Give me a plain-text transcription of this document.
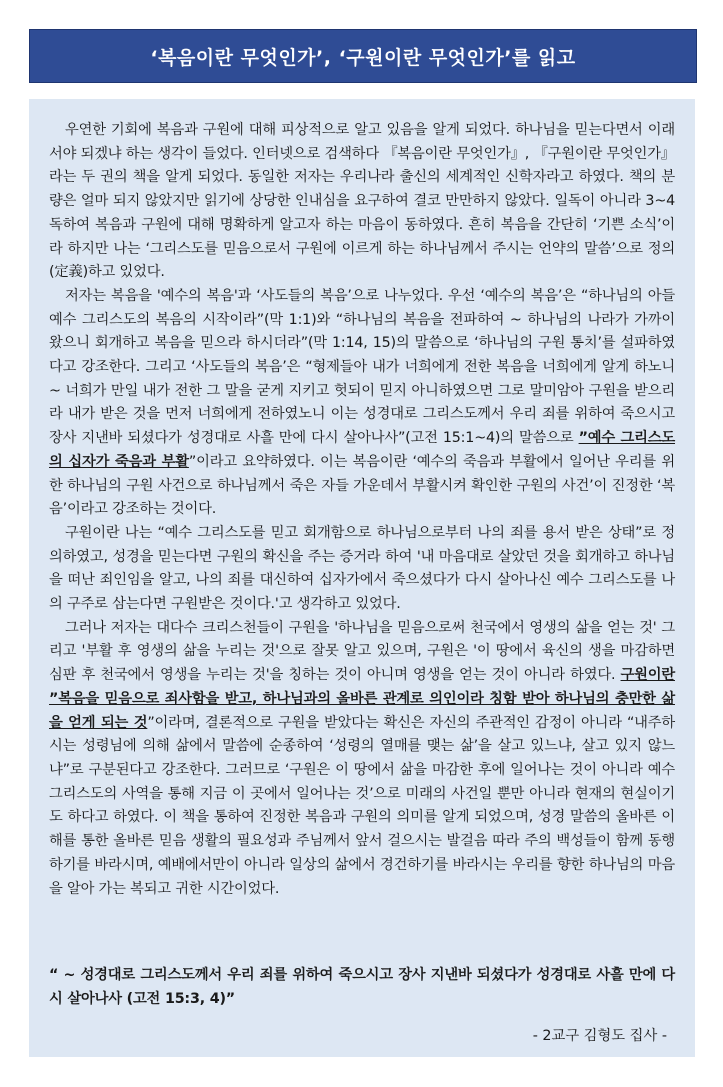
‘복음이란 무엇인가’, ‘구원이란 무엇인가’를 읽고

우연한 기회에 복음과 구원에 대해 피상적으로 알고 있음을 알게 되었다. 하나님을 믿는다면서 이래서야 되겠냐 하는 생각이 들었다. 인터넷으로 검색하다 『복음이란 무엇인가』, 『구원이란 무엇인가』라는 두 권의 책을 알게 되었다. 동일한 저자는 우리나라 출신의 세계적인 신학자라고 하였다. 책의 분량은 얼마 되지 않았지만 읽기에 상당한 인내심을 요구하여 결코 만만하지 않았다. 일독이 아니라 3~4독하여 복음과 구원에 대해 명확하게 알고자 하는 마음이 동하였다. 흔히 복음을 간단히 ‘기쁜 소식’이라 하지만 나는 ‘그리스도를 믿음으로서 구원에 이르게 하는 하나님께서 주시는 언약의 말씀’으로 정의(定義)하고 있었다.

저자는 복음을 '예수의 복음'과 ‘사도들의 복음’으로 나누었다. 우선 ‘예수의 복음’은 “하나님의 아들 예수 그리스도의 복음의 시작이라”(막 1:1)와 “하나님의 복음을 전파하여 ~ 하나님의 나라가 가까이 왔으니 회개하고 복음을 믿으라 하시더라”(막 1:14, 15)의 말씀으로 ‘하나님의 구원 통치’를 설파하였다고 강조한다. 그리고 ‘사도들의 복음’은 “형제들아 내가 너희에게 전한 복음을 너희에게 알게 하노니 ~ 너희가 만일 내가 전한 그 말을 굳게 지키고 헛되이 믿지 아니하였으면 그로 말미암아 구원을 받으리라 내가 받은 것을 먼저 너희에게 전하였노니 이는 성경대로 그리스도께서 우리 죄를 위하여 죽으시고 장사 지낸바 되셨다가 성경대로 사흘 만에 다시 살아나사”(고전 15:1~4)의 말씀으로 ”예수 그리스도의 십자가 죽음과 부활”이라고 요약하였다. 이는 복음이란 ‘예수의 죽음과 부활에서 일어난 우리를 위한 하나님의 구원 사건으로 하나님께서 죽은 자들 가운데서 부활시켜 확인한 구원의 사건’이 진정한 ‘복음’이라고 강조하는 것이다.

구원이란 나는 “예수 그리스도를 믿고 회개함으로 하나님으로부터 나의 죄를 용서 받은 상태”로 정의하였고, 성경을 믿는다면 구원의 확신을 주는 증거라 하여 '내 마음대로 살았던 것을 회개하고 하나님을 떠난 죄인임을 알고, 나의 죄를 대신하여 십자가에서 죽으셨다가 다시 살아나신 예수 그리스도를 나의 구주로 삼는다면 구원받은 것이다.'고 생각하고 있었다.

그러나 저자는 대다수 크리스천들이 구원을 '하나님을 믿음으로써 천국에서 영생의 삶을 얻는 것' 그리고 '부활 후 영생의 삶을 누리는 것'으로 잘못 알고 있으며, 구원은 '이 땅에서 육신의 생을 마감하면 심판 후 천국에서 영생을 누리는 것'을 칭하는 것이 아니며 영생을 얻는 것이 아니라 하였다. 구원이란 ”복음을 믿음으로 죄사함을 받고, 하나님과의 올바른 관계로 의인이라 칭함 받아 하나님의 충만한 삶을 얻게 되는 것”이라며, 결론적으로 구원을 받았다는 확신은 자신의 주관적인 감정이 아니라 “내주하시는 성령님에 의해 삶에서 말씀에 순종하여 ‘성령의 열매를 맺는 삶’을 살고 있느냐, 살고 있지 않느냐”로 구분된다고 강조한다. 그러므로 ‘구원은 이 땅에서 삶을 마감한 후에 일어나는 것이 아니라 예수 그리스도의 사역을 통해 지금 이 곳에서 일어나는 것’으로 미래의 사건일 뿐만 아니라 현재의 현실이기도 하다고 하였다. 이 책을 통하여 진정한 복음과 구원의 의미를 알게 되었으며, 성경 말씀의 올바른 이해를 통한 올바른 믿음 생활의 필요성과 주님께서 앞서 걸으시는 발걸음 따라 주의 백성들이 함께 동행하기를 바라시며, 예배에서만이 아니라 일상의 삶에서 경건하기를 바라시는 우리를 향한 하나님의 마음을 알아 가는 복되고 귀한 시간이었다.

“ ~ 성경대로 그리스도께서 우리 죄를 위하여 죽으시고 장사 지낸바 되셨다가 성경대로 사흘 만에 다시 살아나사 (고전 15:3, 4)”
- 2교구 김형도 집사 -
